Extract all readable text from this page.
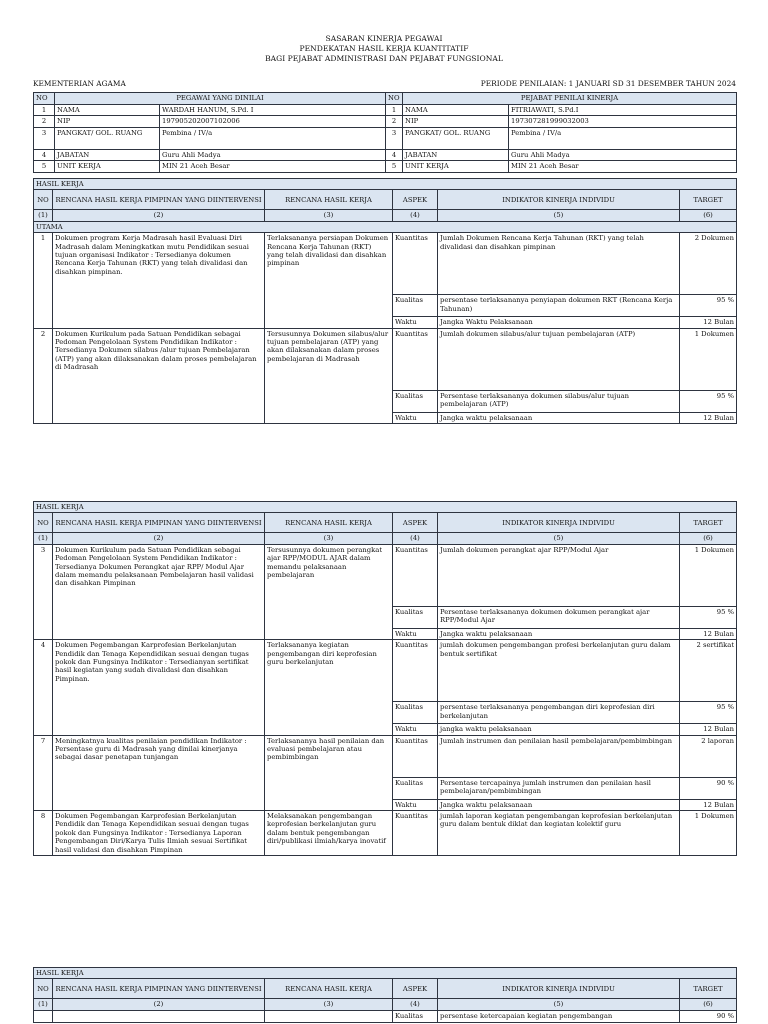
SASARAN KINERJA PEGAWAI
PENDEKATAN HASIL KERJA KUANTITATIF
BAGI PEJABAT ADMINISTRASI DAN PEJABAT FUNGSIONAL
KEMENTERIAN AGAMA	PERIODE PENILAIAN: 1 JANUARI SD 31 DESEMBER TAHUN 2024
NO	PEGAWAI YANG DINILAI		NO	PEJABAT PENILAI KINERJA	
1	NAMA	WARDAH HANUM, S.Pd. I	1	NAMA	FITRIAWATI, S.Pd.I
2	NIP	197905202007102006	2	NIP	197307281999032003
3	PANGKAT/ GOL. RUANG	Pembina / IV/a	3	PANGKAT/ GOL. RUANG	Pembina / IV/a
4	JABATAN	Guru Ahli Madya	4	JABATAN	Guru Ahli Madya
5	UNIT KERJA	MIN 21 Aceh Besar	5	UNIT KERJA	MIN 21 Aceh Besar
HASIL KERJA					
NO	RENCANA HASIL KERJA PIMPINAN YANG DIINTERVENSI	RENCANA HASIL KERJA	ASPEK	INDIKATOR KINERJA INDIVIDU	TARGET
(1)	(2)	(3)	(4)	(5)	(6)
UTAMA					
1	Dokumen program Kerja Madrasah hasil Evaluasi Diri Madrasah dalam Meningkatkan mutu Pendidikan sesuai tujuan organisasi Indikator : Tersedianya dokumen Rencana Kerja Tahunan (RKT) yang telah divalidasi dan disahkan pimpinan.	Terlaksananya persiapan Dokumen Rencana Kerja Tahunan (RKT) yang telah divalidasi dan disahkan pimpinan	Kuantitas	Jumlah Dokumen Rencana Kerja Tahunan (RKT) yang telah divalidasi dan disahkan pimpinan	2 Dokumen
			Kualitas	persentase terlaksananya penyiapan dokumen RKT (Rencana Kerja Tahunan)	95 %
			Waktu	Jangka Waktu Pelaksanaan	12 Bulan
2	Dokumen Kurikulum pada Satuan Pendidikan sebagai Pedoman Pengelolaan System Pendidikan Indikator : Tersedianya Dokumen silabus /alur tujuan Pembelajaran (ATP) yang akan dilaksanakan dalam proses pembelajaran di Madrasah	Tersusunnya Dokumen silabus/alur tujuan pembelajaran (ATP) yang akan dilaksanakan dalam proses pembelajaran di Madrasah	Kuantitas	Jumlah dokumen silabus/alur tujuan pembelajaran (ATP)	1 Dokumen
			Kualitas	Persentase terlaksananya dokumen silabus/alur tujuan pembelajaran (ATP)	95 %
			Waktu	Jangka waktu pelaksanaan	12 Bulan
HASIL KERJA					
NO	RENCANA HASIL KERJA PIMPINAN YANG DIINTERVENSI	RENCANA HASIL KERJA	ASPEK	INDIKATOR KINERJA INDIVIDU	TARGET
(1)	(2)	(3)	(4)	(5)	(6)
3	Dokumen Kurikulum pada Satuan Pendidikan sebagai Pedoman Pengelolaan System Pendidikan Indikator : Tersedianya Dokumen Perangkat ajar RPP/ Modul Ajar dalam memandu pelaksanaan Pembelajaran hasil validasi dan disahkan Pimpinan	Tersusunnya dokumen perangkat ajar RPP/MODUL AJAR dalam memandu pelaksanaan pembelajaran	Kuantitas	Jumlah dokumen perangkat ajar RPP/Modul Ajar	1 Dokumen
			Kualitas	Persentase terlaksananya dokumen dokumen perangkat ajar RPP/Modul Ajar	95 %
			Waktu	Jangka waktu pelaksanaan	12 Bulan
4	Dokumen Pegembangan Karprofesian Berkelanjutan Pendidik dan Tenaga Kependidikan sesuai dengan tugas pokok dan Fungsinya Indikator : Tersedianyan sertifikat hasil kegiatan yang sudah divalidasi dan disahkan Pimpinan.	Terlaksananya kegiatan pengembangan diri keprofesian guru berkelanjutan	Kuantitas	jumlah dokumen pengembangan profesi berkelanjutan guru dalam bentuk sertifikat	2 sertifikat
			Kualitas	persentase terlaksananya pengembangan diri keprofesian diri berkelanjutan	95 %
			Waktu	jangka waktu pelaksanaan	12 Bulan
7	Meningkatnya kualitas penilaian pendidikan Indikator : Persentase guru di Madrasah yang dinilai kinerjanya sebagai dasar penetapan tunjangan	Terlaksananya hasil penilaian dan evaluasi pembelajaran atau pembimbingan	Kuantitas	Jumlah instrumen dan penilaian hasil pembelajaran/pembimbingan	2 laporan
			Kualitas	Persentase tercapainya jumlah instrumen dan penilaian hasil pembelajaran/pembimbingan	90 %
			Waktu	Jangka waktu pelaksanaan	12 Bulan
8	Dokumen Pegembangan Karprofesian Berkelanjutan Pendidik dan Tenaga Kependidikan sesuai dengan tugas pokok dan Fungsinya Indikator : Tersedianya Laporan Pengembangan Diri/Karya Tulis Ilmiah sesuai Sertifikat hasil validasi dan disahkan Pimpinan	Melaksanakan pengembangan keprofesian berkelanjutan guru dalam bentuk pengembangan diri/publikasi ilmiah/karya inovatif	Kuantitas	jumlah laporan kegiatan pengembangan keprofesian berkelanjutan guru dalam bentuk diklat dan kegiatan kolektif guru	1 Dokumen
HASIL KERJA					
NO	RENCANA HASIL KERJA PIMPINAN YANG DIINTERVENSI	RENCANA HASIL KERJA	ASPEK	INDIKATOR KINERJA INDIVIDU	TARGET
(1)	(2)	(3)	(4)	(5)	(6)
			Kualitas	persentase ketercapaian kegiatan pengembangan	90 %
